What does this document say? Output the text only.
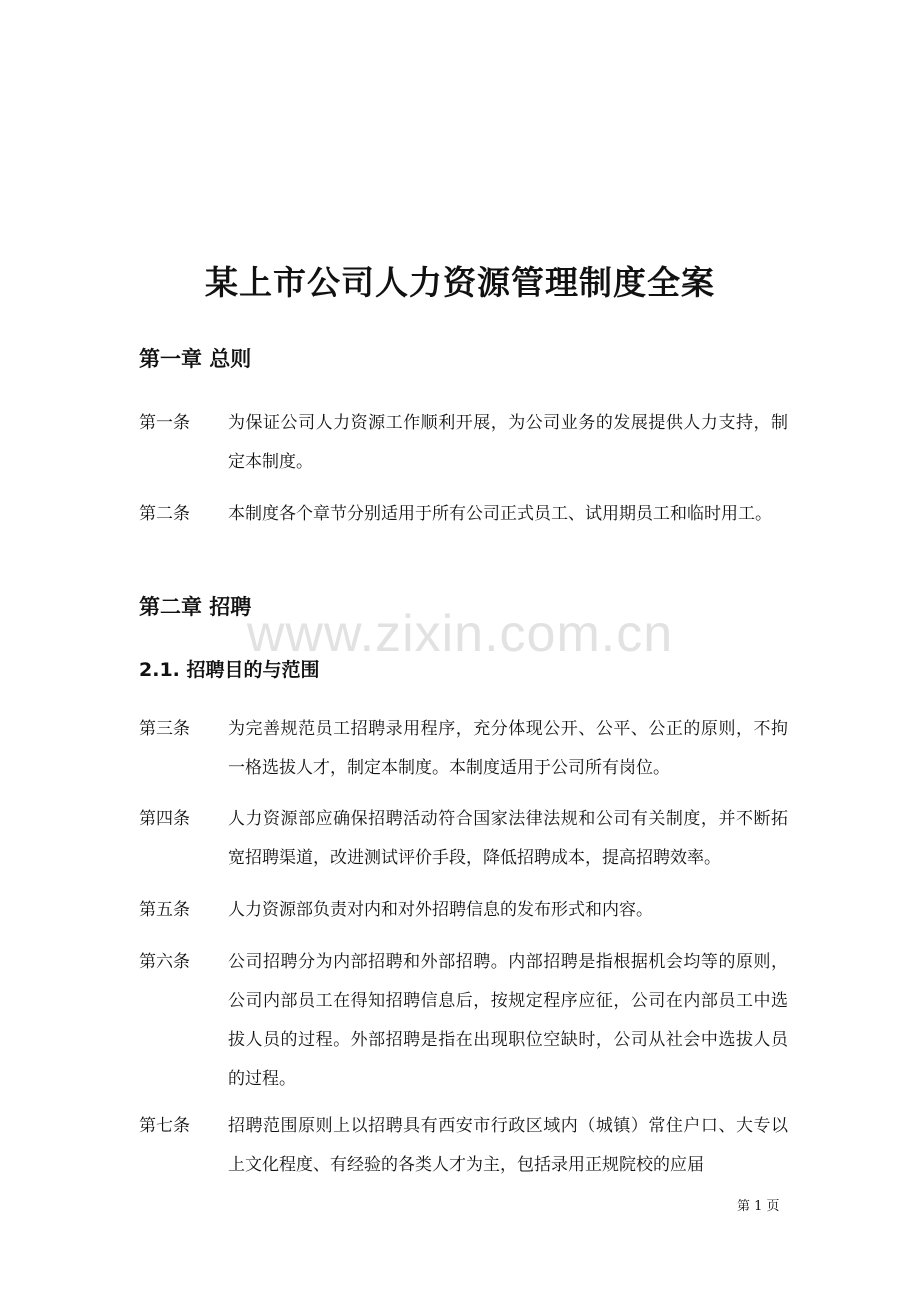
某上市公司人力资源管理制度全案
第一章 总则
第一条 为保证公司人力资源工作顺利开展，为公司业务的发展提供人力支持，制定本制度。
第二条 本制度各个章节分别适用于所有公司正式员工、试用期员工和临时用工。
第二章 招聘
2.1. 招聘目的与范围
第三条 为完善规范员工招聘录用程序，充分体现公开、公平、公正的原则，不拘一格选拔人才，制定本制度。本制度适用于公司所有岗位。
第四条 人力资源部应确保招聘活动符合国家法律法规和公司有关制度，并不断拓宽招聘渠道，改进测试评价手段，降低招聘成本，提高招聘效率。
第五条 人力资源部负责对内和对外招聘信息的发布形式和内容。
第六条 公司招聘分为内部招聘和外部招聘。内部招聘是指根据机会均等的原则，公司内部员工在得知招聘信息后，按规定程序应征，公司在内部员工中选拔人员的过程。外部招聘是指在出现职位空缺时，公司从社会中选拔人员的过程。
第七条 招聘范围原则上以招聘具有西安市行政区域内（城镇）常住户口、大专以上文化程度、有经验的各类人才为主，包括录用正规院校的应届
www.zixin.com.cn
第 1 页
